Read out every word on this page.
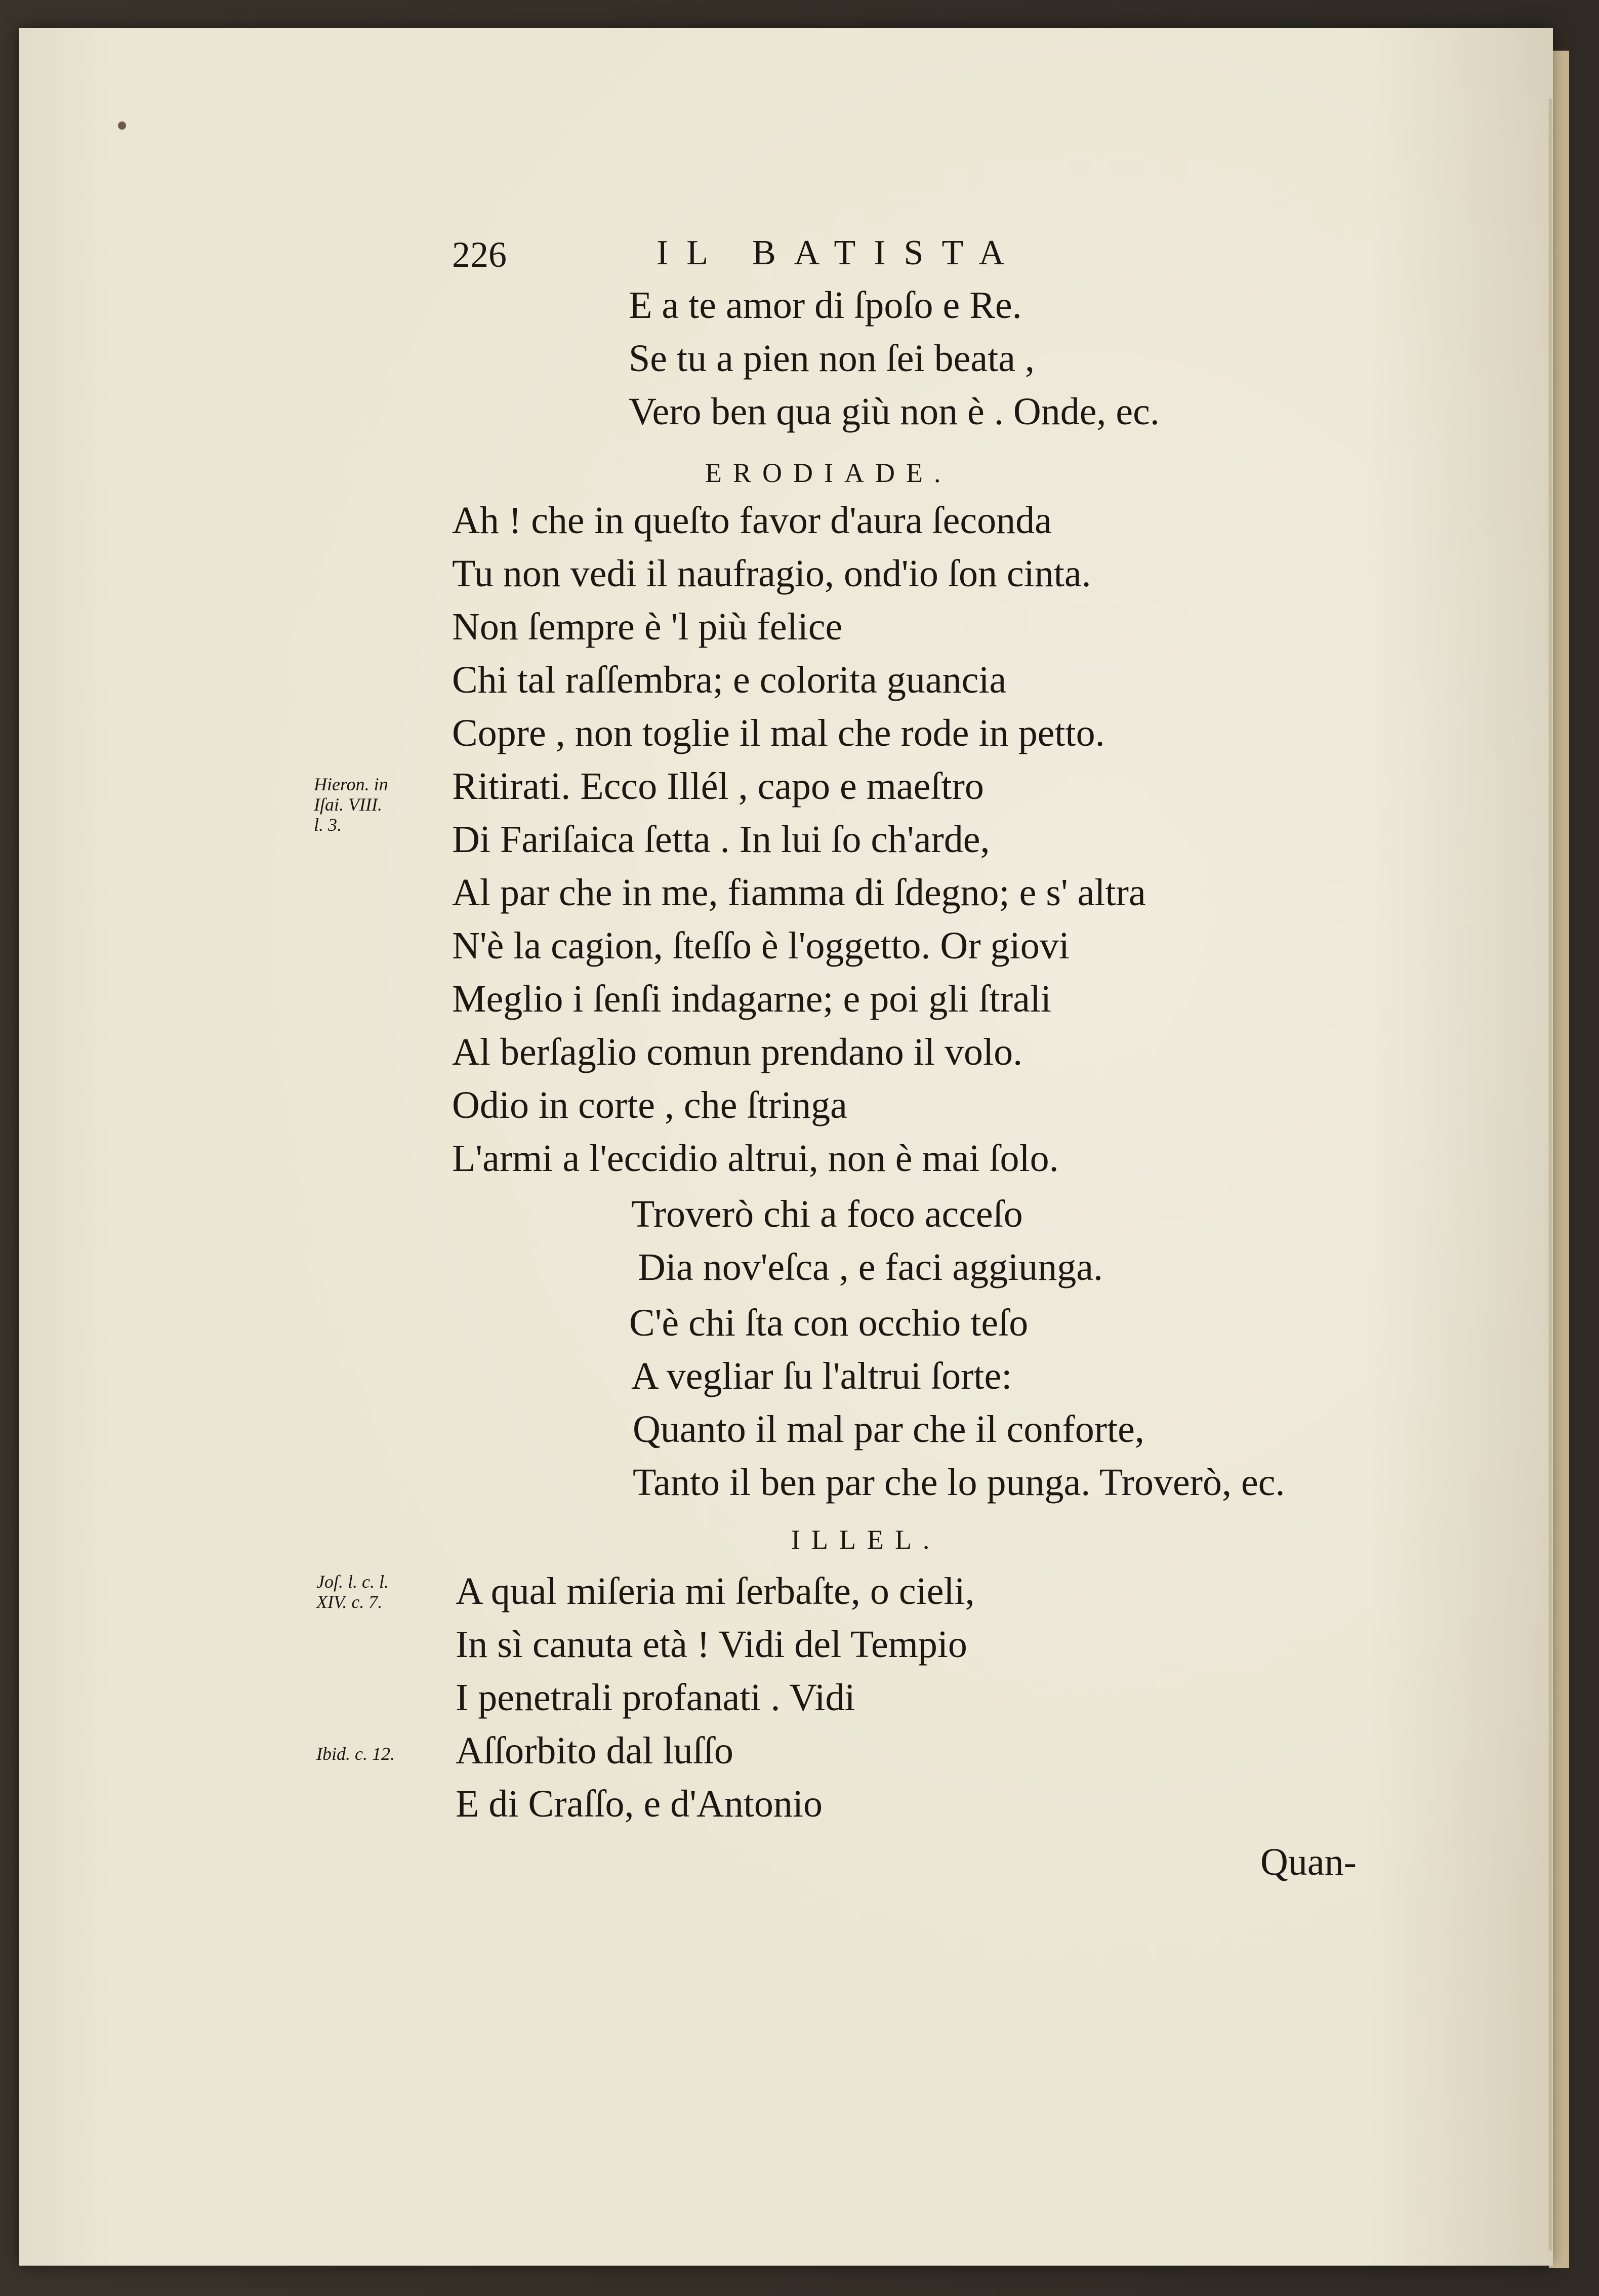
226	IL BATISTA
E a te amor di ſpoſo e Re.
Se tu a pien non ſei beata ,
Vero ben qua giù non è . Onde, ec.
ERODIADE.
Ah ! che in queſto favor d'aura ſeconda
Tu non vedi il naufragio, ond'io ſon cinta.
Non ſempre è 'l più felice
Chi tal raſſembra; e colorita guancia
Copre , non toglie il mal che rode in petto.
Ritirati. Ecco Illél , capo e maeſtro
Di Fariſaica ſetta . In lui ſo ch'arde,
Al par che in me, fiamma di ſdegno; e s' altra
N'è la cagion, ſteſſo è l'oggetto. Or giovi
Meglio i ſenſi indagarne; e poi gli ſtrali
Al berſaglio comun prendano il volo.
Odio in corte , che ſtringa
L'armi a l'eccidio altrui, non è mai ſolo.
Hieron. in
Iſai. VIII.
l. 3.
Troverò chi a foco acceſo
Dia nov'eſca , e faci aggiunga.
C'è chi ſta con occhio teſo
A vegliar ſu l'altrui ſorte:
Quanto il mal par che il conforte,
Tanto il ben par che lo punga. Troverò, ec.
ILLEL.
Joſ. l. c. l.
XIV. c. 7. A qual miſeria mi ſerbaſte, o cieli,
In sì canuta età ! Vidi del Tempio
I penetrali profanati . Vidi
Aſſorbito dal luſſo
E di Craſſo, e d'Antonio
Ibid. c. 12.
Quan-
